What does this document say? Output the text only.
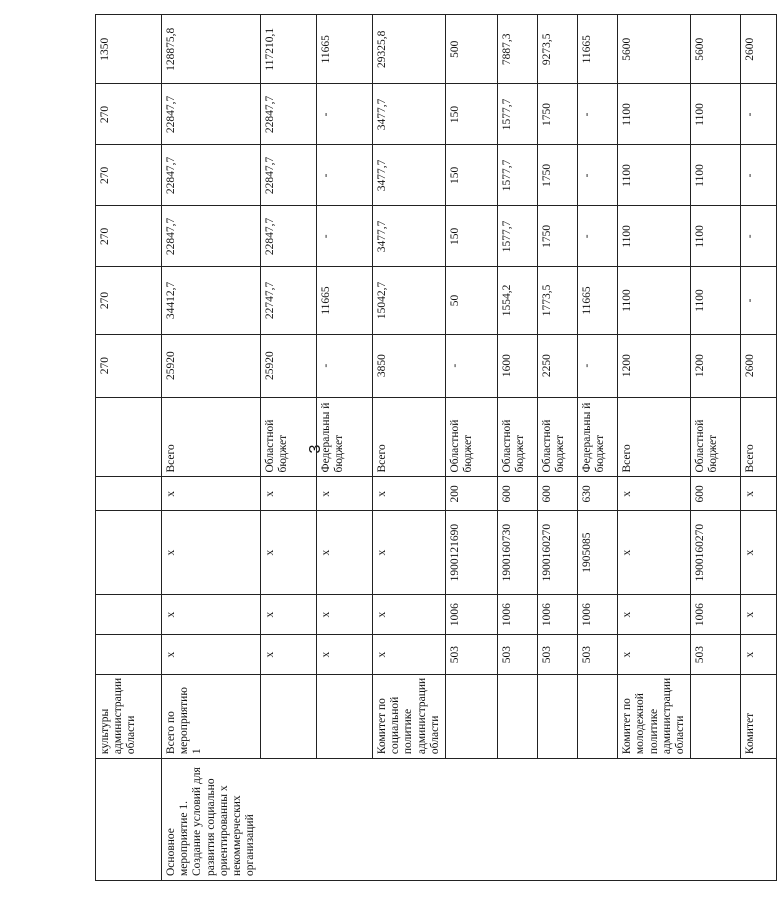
3
	культуры администрации области						270	270	270	270	270	1350
Основное мероприятие 1. Создание условий для развития социально ориентированны х некоммерческих организаций	Всего по мероприятию 1	x	x	x	x	Всего	25920	34412,7	22847,7	22847,7	22847,7	128875,8
		x	x	x	x	Областной бюджет	25920	22747,7	22847,7	22847,7	22847,7	117210,1
		x	x	x	x	Федеральны й бюджет	-	11665	-	-	-	11665
	Комитет по социальной политике администрации области	x	x	x	x	Всего	3850	15042,7	3477,7	3477,7	3477,7	29325,8
		503	1006	1900121690	200	Областной бюджет	-	50	150	150	150	500
		503	1006	1900160730	600	Областной бюджет	1600	1554,2	1577,7	1577,7	1577,7	7887,3
		503	1006	1900160270	600	Областной бюджет	2250	1773,5	1750	1750	1750	9273,5
		503	1006	1905085	630	Федеральны й бюджет	-	11665	-	-	-	11665
	Комитет по молодежной политике администрации области	x	x	x	x	Всего	1200	1100	1100	1100	1100	5600
		503	1006	1900160270	600	Областной бюджет	1200	1100	1100	1100	1100	5600
	Комитет	x	x	x	x	Всего	2600	-	-	-	-	2600
